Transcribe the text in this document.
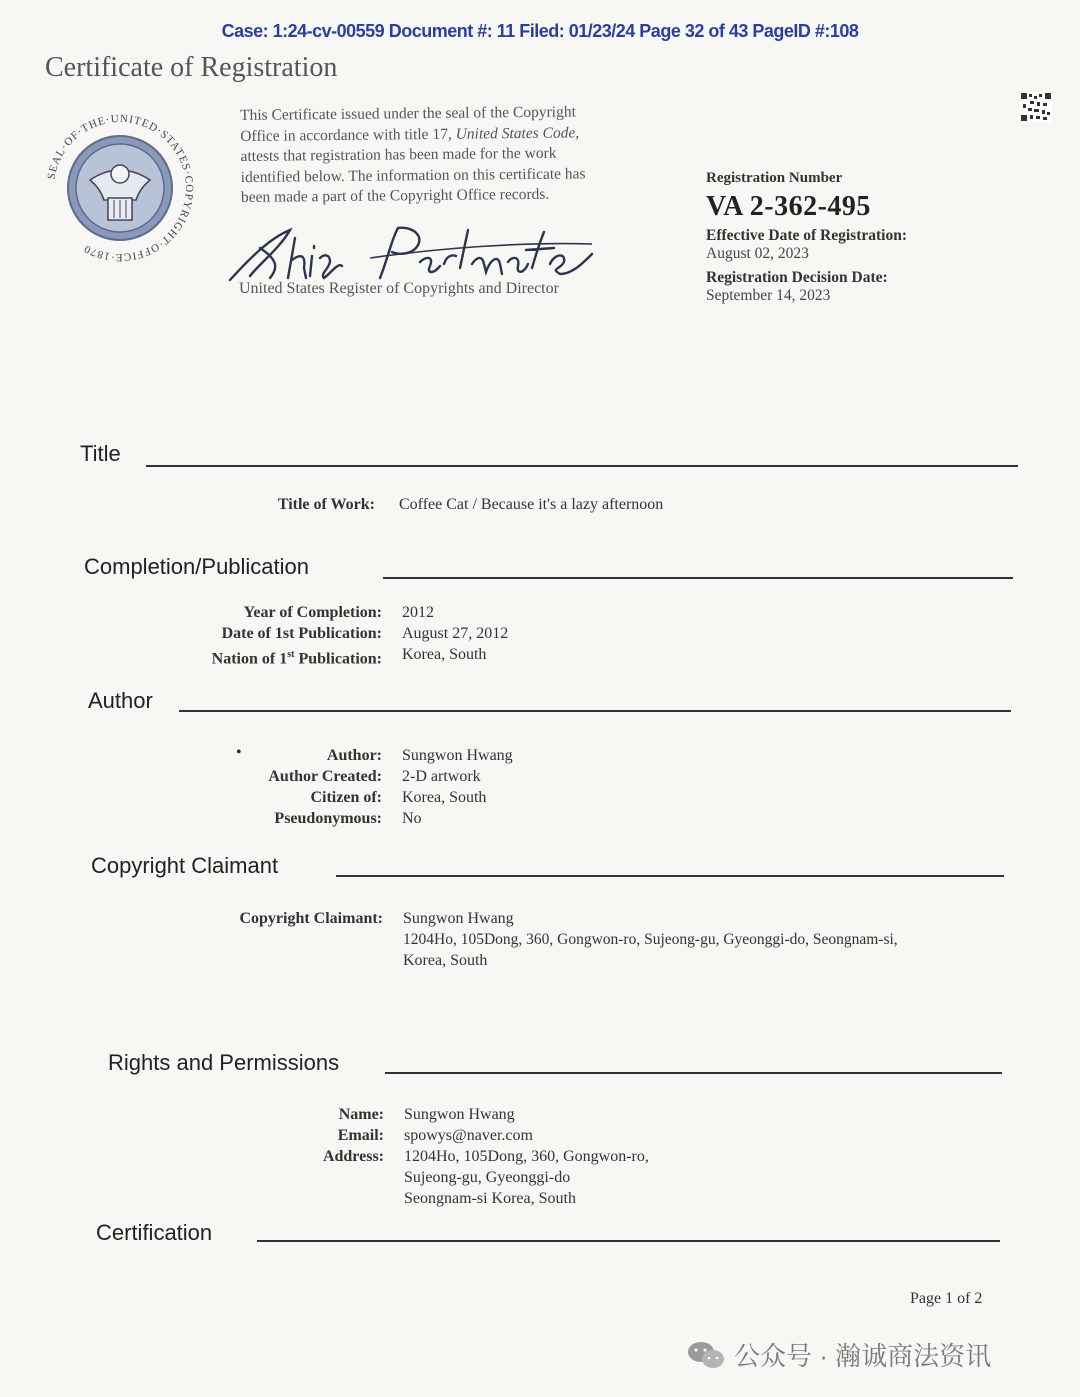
Case: 1:24-cv-00559 Document #: 11 Filed: 01/23/24 Page 32 of 43 PageID #:108
Certificate of Registration
SEAL·OF·THE·UNITED·STATES·COPYRIGHT·OFFICE·1870
This Certificate issued under the seal of the Copyright
Office in accordance with title 17, United States Code,
attests that registration has been made for the work
identified below. The information on this certificate has
been made a part of the Copyright Office records.
United States Register of Copyrights and Director
Registration Number
VA 2-362-495
Effective Date of Registration:
August 02, 2023
Registration Decision Date:
September 14, 2023
Title
Title of Work: Coffee Cat / Because it's a lazy afternoon
Completion/Publication
Year of Completion: 2012
Date of 1st Publication: August 27, 2012
Nation of 1st Publication: Korea, South
Author
•	Author: Sungwon Hwang
Author Created: 2-D artwork
Citizen of: Korea, South
Pseudonymous: No
Copyright Claimant
Copyright Claimant: Sungwon Hwang
1204Ho, 105Dong, 360, Gongwon-ro, Sujeong-gu, Gyeonggi-do, Seongnam-si,
Korea, South
Rights and Permissions
Name: Sungwon Hwang
Email: spowys@naver.com
Address: 1204Ho, 105Dong, 360, Gongwon-ro,
Sujeong-gu, Gyeonggi-do
Seongnam-si Korea, South
Certification
Page 1 of 2
公众号 · 瀚诚商法资讯
